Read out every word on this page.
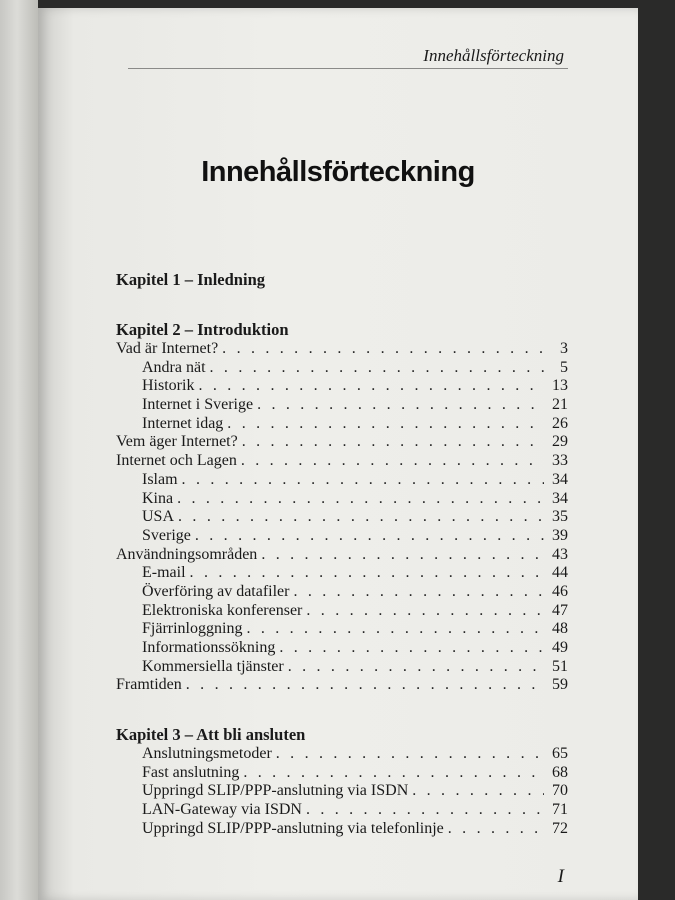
Innehållsförteckning
Innehållsförteckning
Kapitel 1 – Inledning
Kapitel 2 – Introduktion
Vad är Internet? . . .	3
Andra nät . . .	5
Historik . . .	13
Internet i Sverige . . .	21
Internet idag . . .	26
Vem äger Internet? . . .	29
Internet och Lagen . . .	33
Islam . . .	34
Kina . . .	34
USA . . .	35
Sverige . . .	39
Användningsområden . . .	43
E-mail . . .	44
Överföring av datafiler . . .	46
Elektroniska konferenser . . .	47
Fjärrinloggning . . .	48
Informationssökning . . .	49
Kommersiella tjänster . . .	51
Framtiden . . .	59
Kapitel 3 – Att bli ansluten
Anslutningsmetoder . . .	65
Fast anslutning . . .	68
Uppringd SLIP/PPP-anslutning via ISDN . . .	70
LAN-Gateway via ISDN . . .	71
Uppringd SLIP/PPP-anslutning via telefonlinje . . .	72
I
